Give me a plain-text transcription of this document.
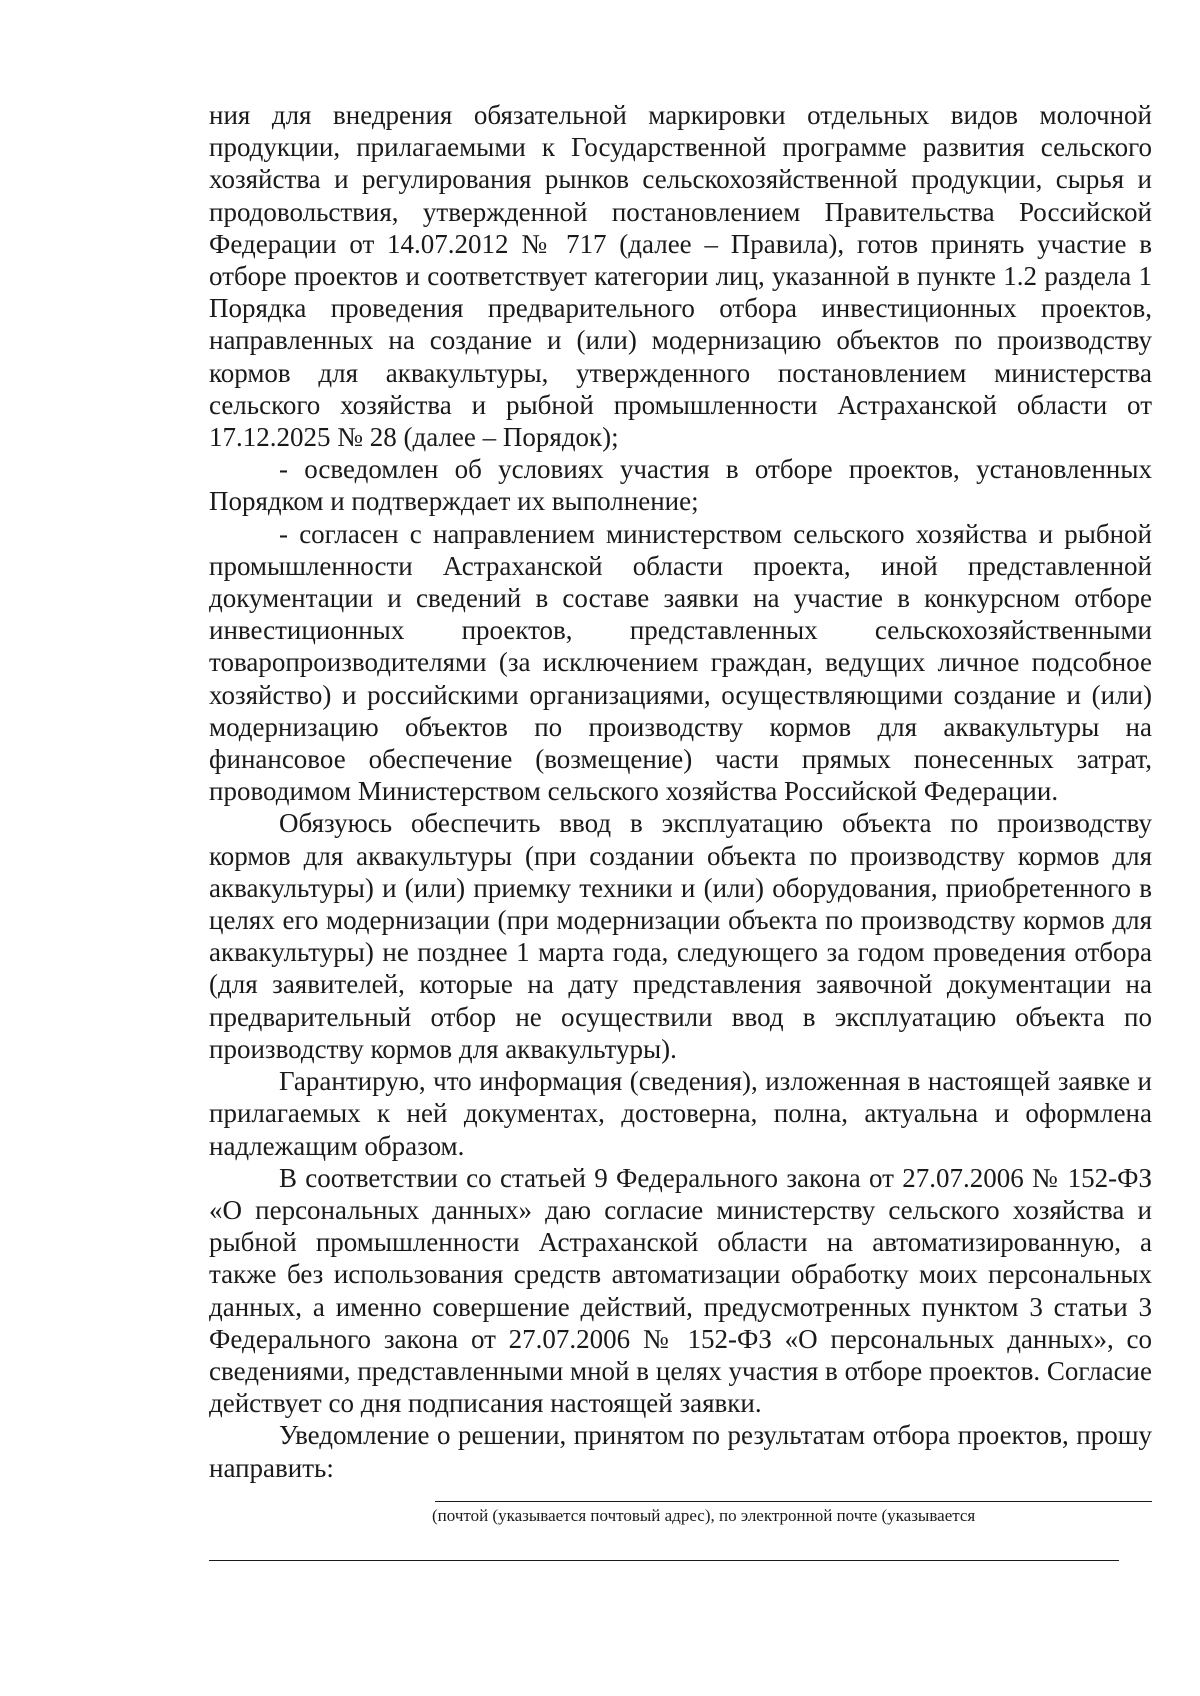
ния для внедрения обязательной маркировки отдельных видов молочной продукции, прилагаемыми к Государственной программе развития сельского хозяйства и регулирования рынков сельскохозяйственной продукции, сырья и продовольствия, утвержденной постановлением Правительства Российской Федерации от 14.07.2012 № 717 (далее – Правила), готов принять участие в отборе проектов и соответствует категории лиц, указанной в пункте 1.2 раздела 1 Порядка проведения предварительного отбора инвестиционных проектов, направленных на создание и (или) модернизацию объектов по производству кормов для аквакультуры, утвержденного постановлением министерства сельского хозяйства и рыбной промышленности Астраханской области от 17.12.2025 № 28 (далее – Порядок);

- осведомлен об условиях участия в отборе проектов, установленных Порядком и подтверждает их выполнение;

- согласен с направлением министерством сельского хозяйства и рыбной промышленности Астраханской области проекта, иной представленной документации и сведений в составе заявки на участие в конкурсном отборе инвестиционных проектов, представленных сельскохозяйственными товаропроизводителями (за исключением граждан, ведущих личное подсобное хозяйство) и российскими организациями, осуществляющими создание и (или) модернизацию объектов по производству кормов для аквакультуры на финансовое обеспечение (возмещение) части прямых понесенных затрат, проводимом Министерством сельского хозяйства Российской Федерации.

Обязуюсь обеспечить ввод в эксплуатацию объекта по производству кормов для аквакультуры (при создании объекта по производству кормов для аквакультуры) и (или) приемку техники и (или) оборудования, приобретенного в целях его модернизации (при модернизации объекта по производству кормов для аквакультуры) не позднее 1 марта года, следующего за годом проведения отбора (для заявителей, которые на дату представления заявочной документации на предварительный отбор не осуществили ввод в эксплуатацию объекта по производству кормов для аквакультуры).

Гарантирую, что информация (сведения), изложенная в настоящей заявке и прилагаемых к ней документах, достоверна, полна, актуальна и оформлена надлежащим образом.

В соответствии со статьей 9 Федерального закона от 27.07.2006 № 152-ФЗ «О персональных данных» даю согласие министерству сельского хозяйства и рыбной промышленности Астраханской области на автоматизированную, а также без использования средств автоматизации обработку моих персональных данных, а именно совершение действий, предусмотренных пунктом 3 статьи 3 Федерального закона от 27.07.2006 № 152-ФЗ «О персональных данных», со сведениями, представленными мной в целях участия в отборе проектов. Согласие действует со дня подписания настоящей заявки.

Уведомление о решении, принятом по результатам отбора проектов, прошу направить:

(почтой (указывается почтовый адрес), по электронной почте (указывается
